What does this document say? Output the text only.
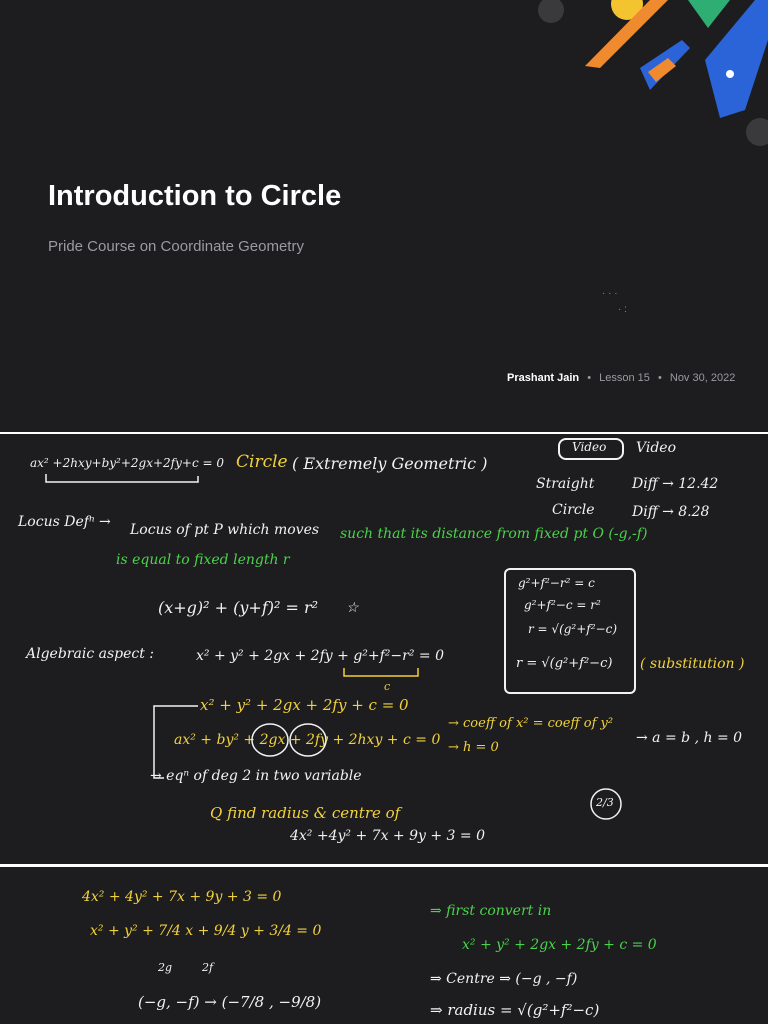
· · ·
· :
Introduction to Circle
Pride Course on Coordinate Geometry
Prashant Jain • Lesson 15 • Nov 30, 2022
ax² +2hxy+by²+2gx+2fy+c = 0 Circle ( Extremely Geometric )
Video Video
Straight	Diff → 12.42
Circle	Diff → 8.28
Locus Defⁿ → Locus of pt P which moves such that its distance from fixed pt O (-g,-f)
is equal to fixed length r
(x+g)² + (y+f)² = r² ☆
g²+f²−r² = c
g²+f²−c = r²
r = √(g²+f²−c)
r = √(g²+f²−c) ( substitution )
Algebraic aspect :	x² + y² + 2gx + 2fy + g²+f²−r² = 0
c
x² + y² + 2gx + 2fy + c = 0
ax² + by² + 2gx + 2fy + 2hxy + c = 0
→ coeff of x² = coeff of y²
→ h = 0
→ a = b , h = 0
→ eqⁿ of deg 2 in two variable
Q find radius & centre of
2/3
4x² +4y² + 7x + 9y + 3 = 0
4x² + 4y² + 7x + 9y + 3 = 0
x² + y² + 7/4 x + 9/4 y + 3/4 = 0
2g	2f
(−g, −f) → (−7/8 , −9/8)
⇒ first convert in
x² + y² + 2gx + 2fy + c = 0
⇒ Centre ⇒ (−g , −f)
⇒ radius = √(g²+f²−c)
